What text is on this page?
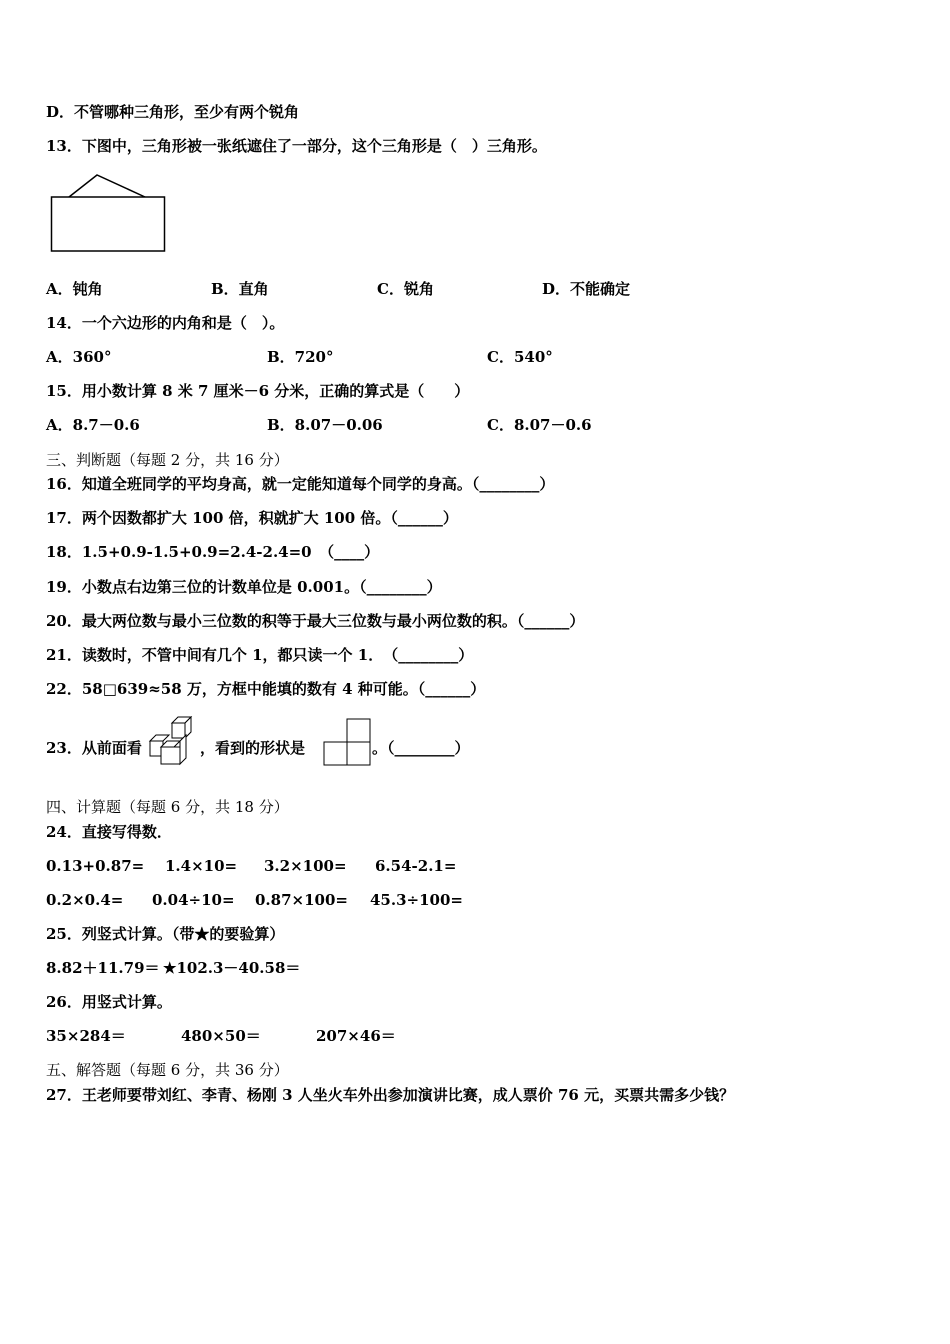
D．不管哪种三角形，至少有两个锐角
13．下图中，三角形被一张纸遮住了一部分，这个三角形是（　）三角形。
A．钝角	B．直角	C．锐角	D．不能确定
14．一个六边形的内角和是（　）。
A．360°	B．720°	C．540°
15．用小数计算 8 米 7 厘米－6 分米，正确的算式是（　　）
A．8.7－0.6	B．8.07－0.06	C．8.07－0.6
三、判断题（每题 2 分，共 16 分）
16．知道全班同学的平均身高，就一定能知道每个同学的身高。（________）
17．两个因数都扩大 100 倍，积就扩大 100 倍。（______）
18．1.5+0.9-1.5+0.9=2.4-2.4=0　（____）
19．小数点右边第三位的计数单位是 0.001。（________）
20．最大两位数与最小三位数的积等于最大三位数与最小两位数的积。（______）
21．读数时，不管中间有几个 1，都只读一个 1．　（________）
22．58□639≈58 万，方框中能填的数有 4 种可能。（______）
23．从前面看	，看到的形状是	。（________）
四、计算题（每题 6 分，共 18 分）
24．直接写得数．
0.13+0.87= 1.4×10= 3.2×100= 6.54-2.1=
0.2×0.4= 0.04÷10= 0.87×100= 45.3÷100=
25．列竖式计算。（带★的要验算）
8.82＋11.79＝ ★102.3－40.58＝
26．用竖式计算。
35×284＝	480×50＝	207×46＝
五、解答题（每题 6 分，共 36 分）
27．王老师要带刘红、李青、杨刚 3 人坐火车外出参加演讲比赛，成人票价 76 元，买票共需多少钱？
